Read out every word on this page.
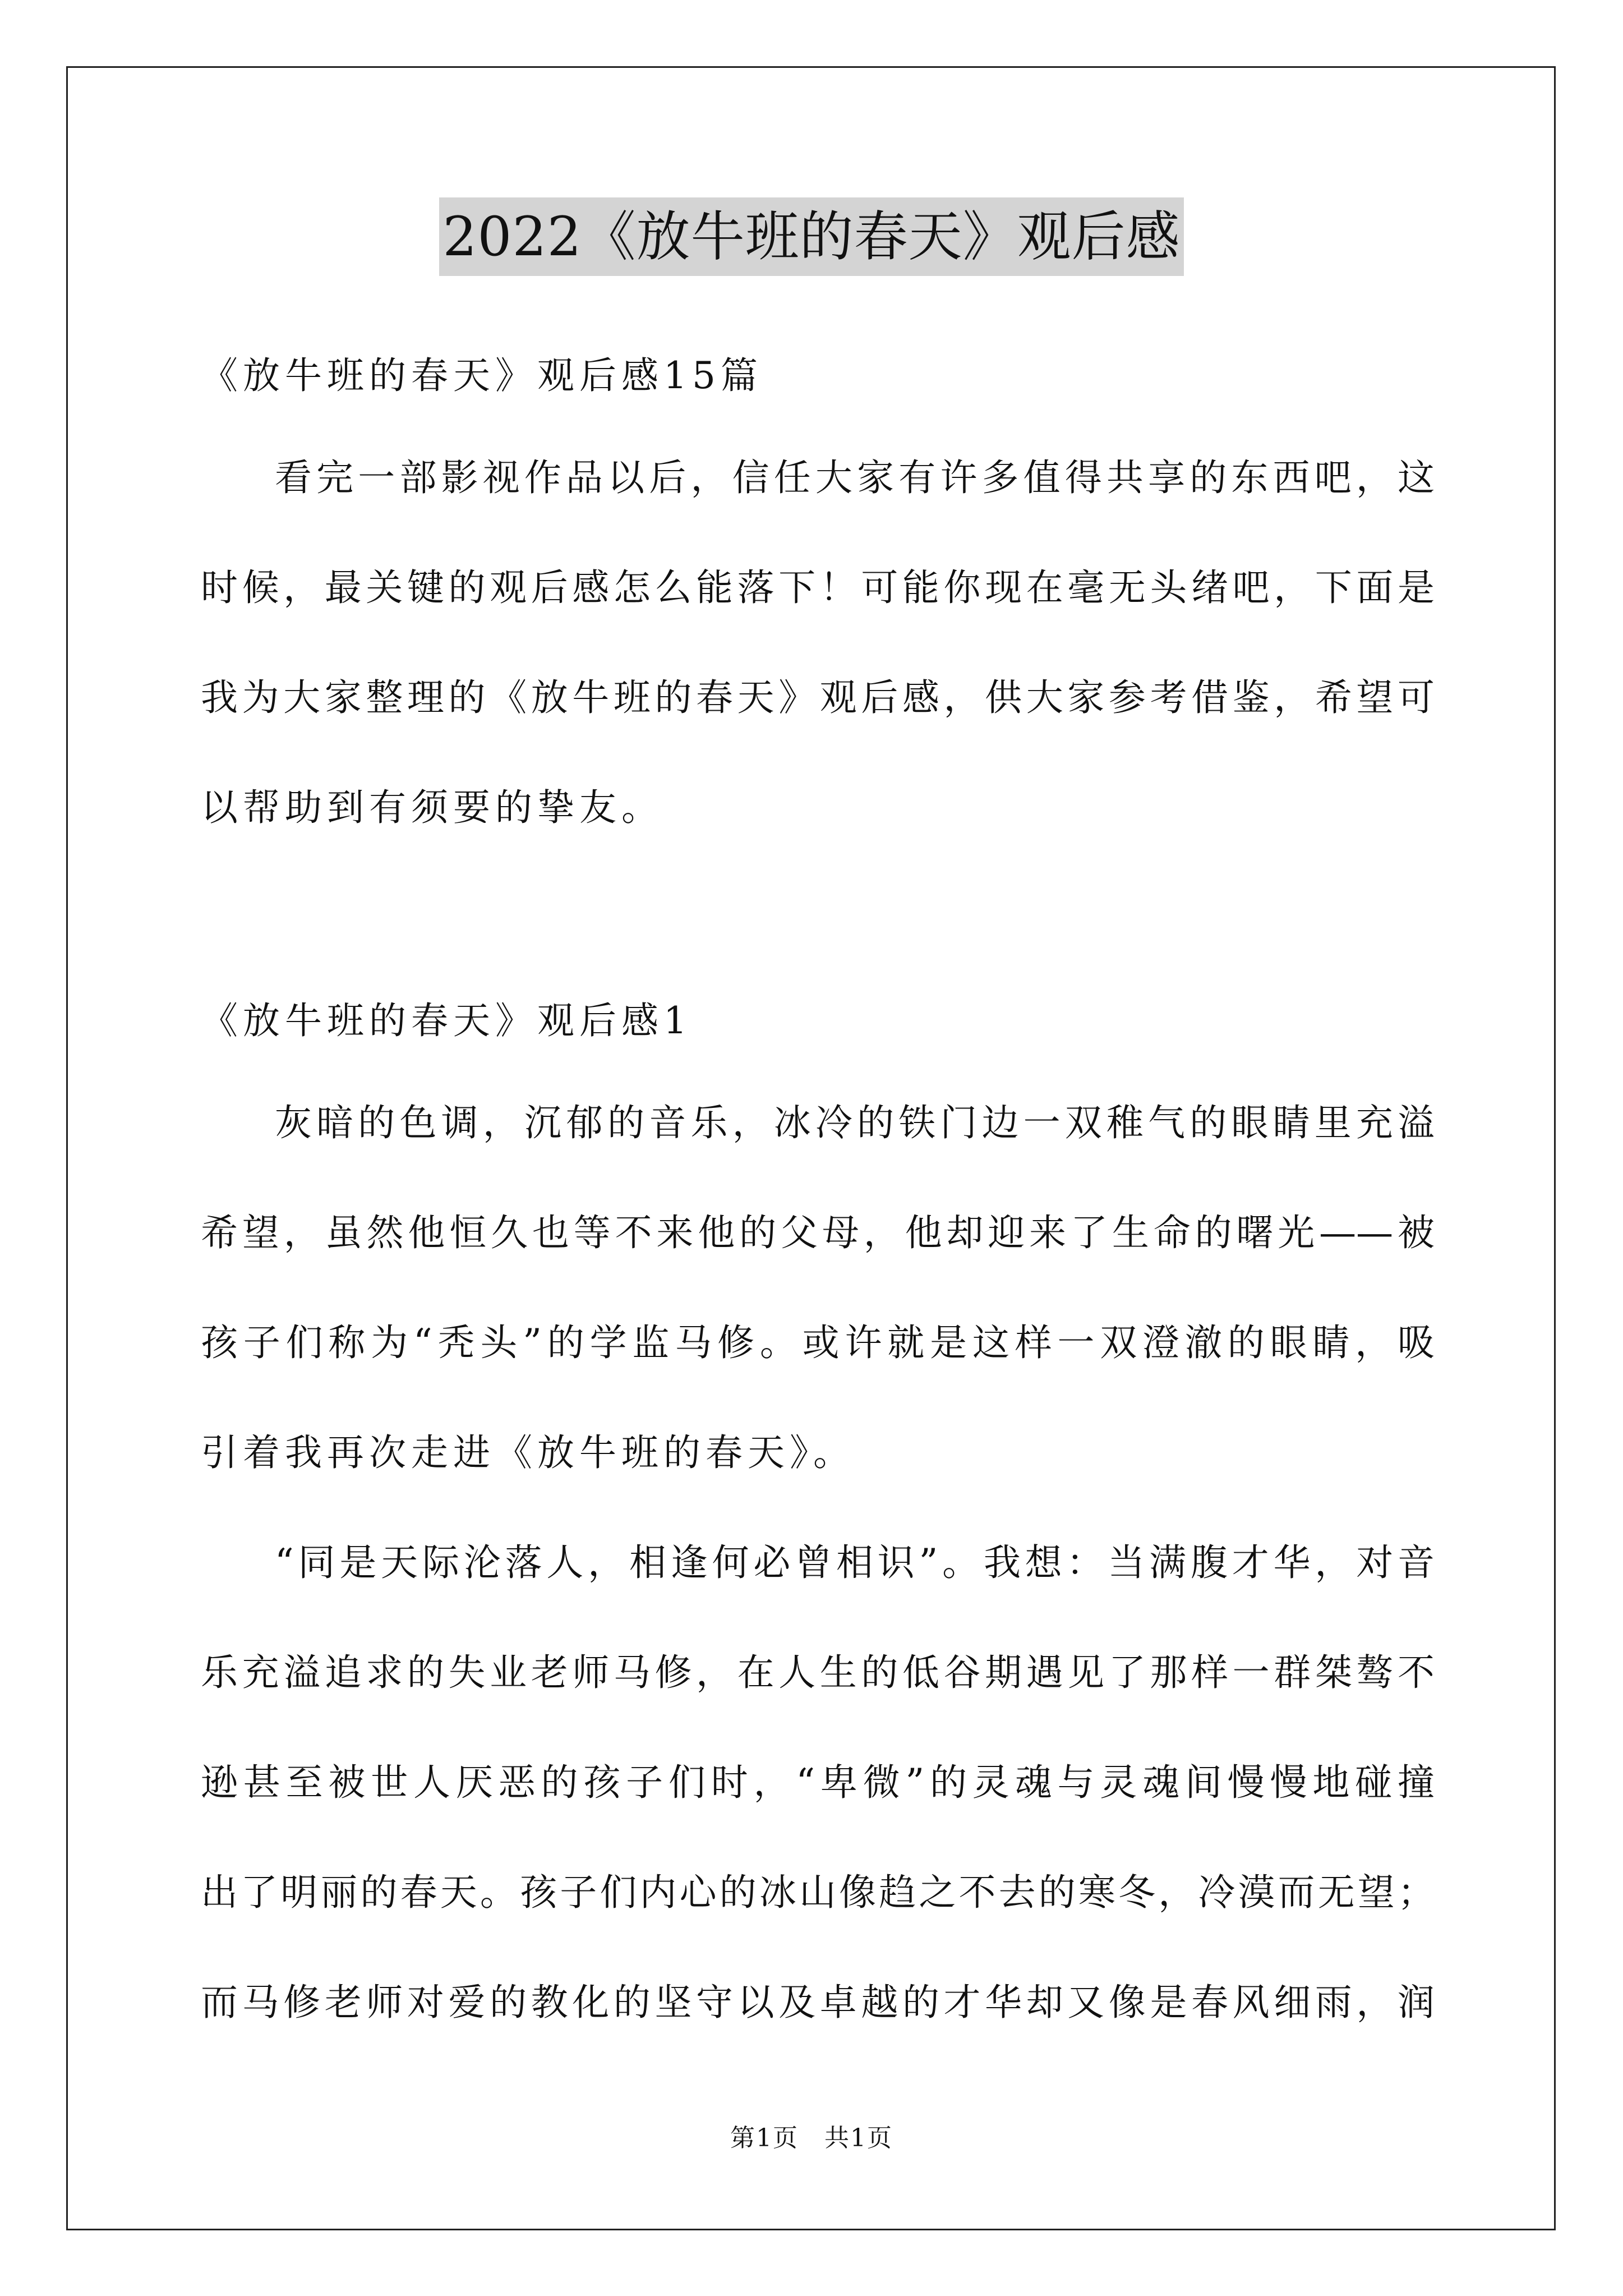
2022《放牛班的春天》观后感
《放牛班的春天》观后感15篇
看完一部影视作品以后，信任大家有许多值得共享的东西吧，这
时候，最关键的观后感怎么能落下！可能你现在毫无头绪吧，下面是
我为大家整理的《放牛班的春天》观后感，供大家参考借鉴，希望可
以帮助到有须要的挚友。
《放牛班的春天》观后感1
灰暗的色调，沉郁的音乐，冰冷的铁门边一双稚气的眼睛里充溢
希望，虽然他恒久也等不来他的父母，他却迎来了生命的曙光——被
孩子们称为“秃头”的学监马修。或许就是这样一双澄澈的眼睛，吸
引着我再次走进《放牛班的春天》。
“同是天际沦落人，相逢何必曾相识”。我想：当满腹才华，对音
乐充溢追求的失业老师马修，在人生的低谷期遇见了那样一群桀骜不
逊甚至被世人厌恶的孩子们时，“卑微”的灵魂与灵魂间慢慢地碰撞
出了明丽的春天。孩子们内心的冰山像趋之不去的寒冬，冷漠而无望；
而马修老师对爱的教化的坚守以及卓越的才华却又像是春风细雨，润
第1页　共1页
